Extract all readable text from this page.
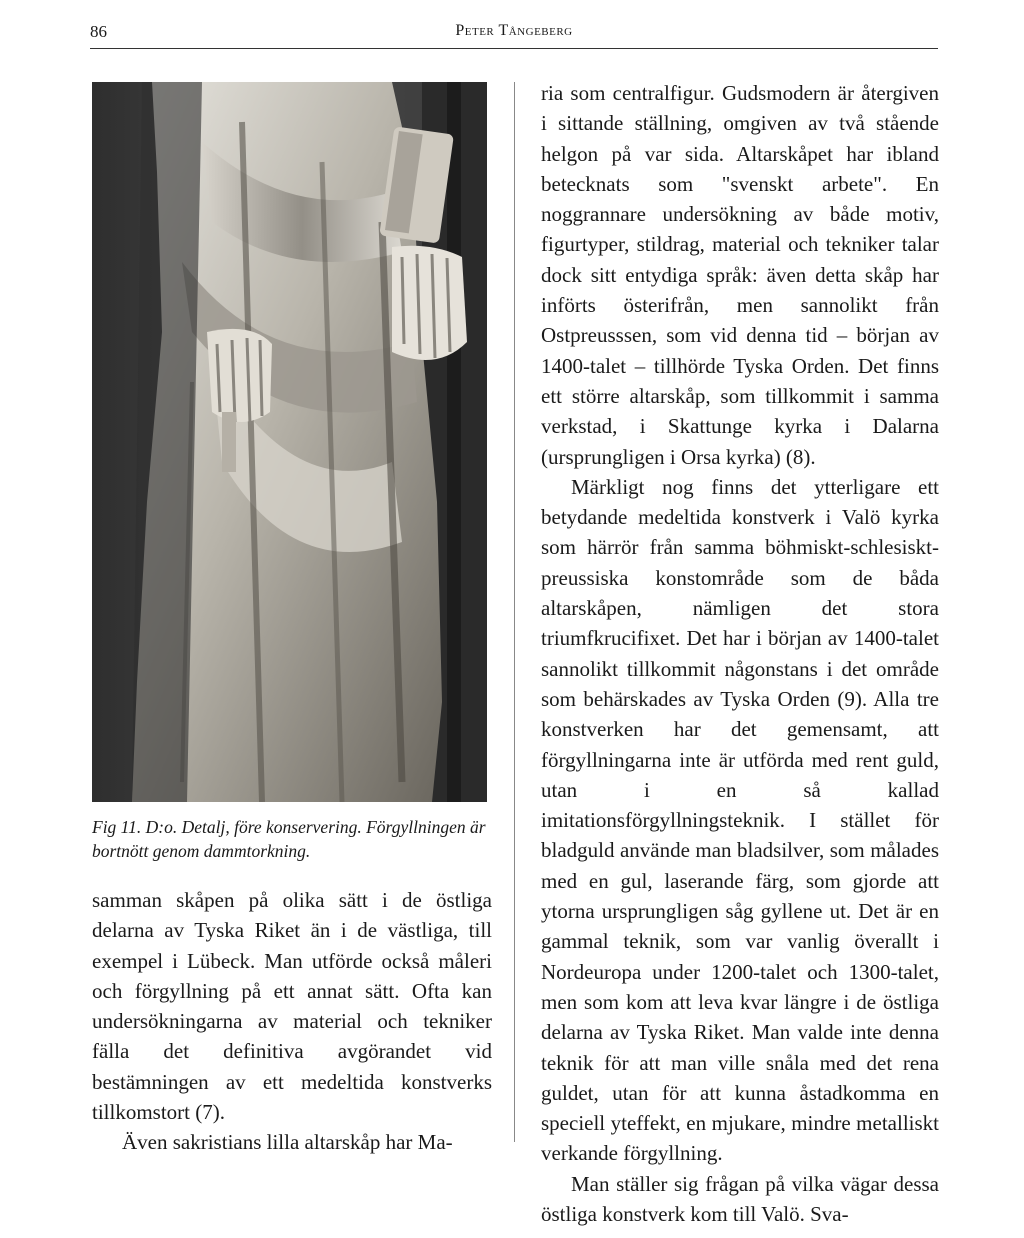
86	Peter Tångeberg
Fig 11. D:o. Detalj, före konservering. Förgyllningen är bortnött genom dammtorkning.

samman skåpen på olika sätt i de östliga delarna av Tyska Riket än i de västliga, till exempel i Lübeck. Man utförde också måleri och förgyllning på ett annat sätt. Ofta kan undersökningarna av material och tekniker fälla det definitiva avgörandet vid bestämningen av ett medeltida konstverks tillkomstort (7).

Även sakristians lilla altarskåp har Ma-

ria som centralfigur. Gudsmodern är återgiven i sittande ställning, omgiven av två stående helgon på var sida. Altarskåpet har ibland betecknats som "svenskt arbete". En noggrannare undersökning av både motiv, figurtyper, stildrag, material och tekniker talar dock sitt entydiga språk: även detta skåp har införts österifrån, men sannolikt från Ostpreusssen, som vid denna tid – början av 1400-talet – tillhörde Tyska Orden. Det finns ett större altarskåp, som tillkommit i samma verkstad, i Skattunge kyrka i Dalarna (ursprungligen i Orsa kyrka) (8).

Märkligt nog finns det ytterligare ett betydande medeltida konstverk i Valö kyrka som härrör från samma böhmiskt-schlesiskt-preussiska konstområde som de båda altarskåpen, nämligen det stora triumfkrucifixet. Det har i början av 1400-talet sannolikt tillkommit någonstans i det område som behärskades av Tyska Orden (9). Alla tre konstverken har det gemensamt, att förgyllningarna inte är utförda med rent guld, utan i en så kallad imitationsförgyllningsteknik. I stället för bladguld använde man bladsilver, som målades med en gul, laserande färg, som gjorde att ytorna ursprungligen såg gyllene ut. Det är en gammal teknik, som var vanlig överallt i Nordeuropa under 1200-talet och 1300-talet, men som kom att leva kvar längre i de östliga delarna av Tyska Riket. Man valde inte denna teknik för att man ville snåla med det rena guldet, utan för att kunna åstadkomma en speciell yteffekt, en mjukare, mindre metalliskt verkande förgyllning.

Man ställer sig frågan på vilka vägar dessa östliga konstverk kom till Valö. Sva-
